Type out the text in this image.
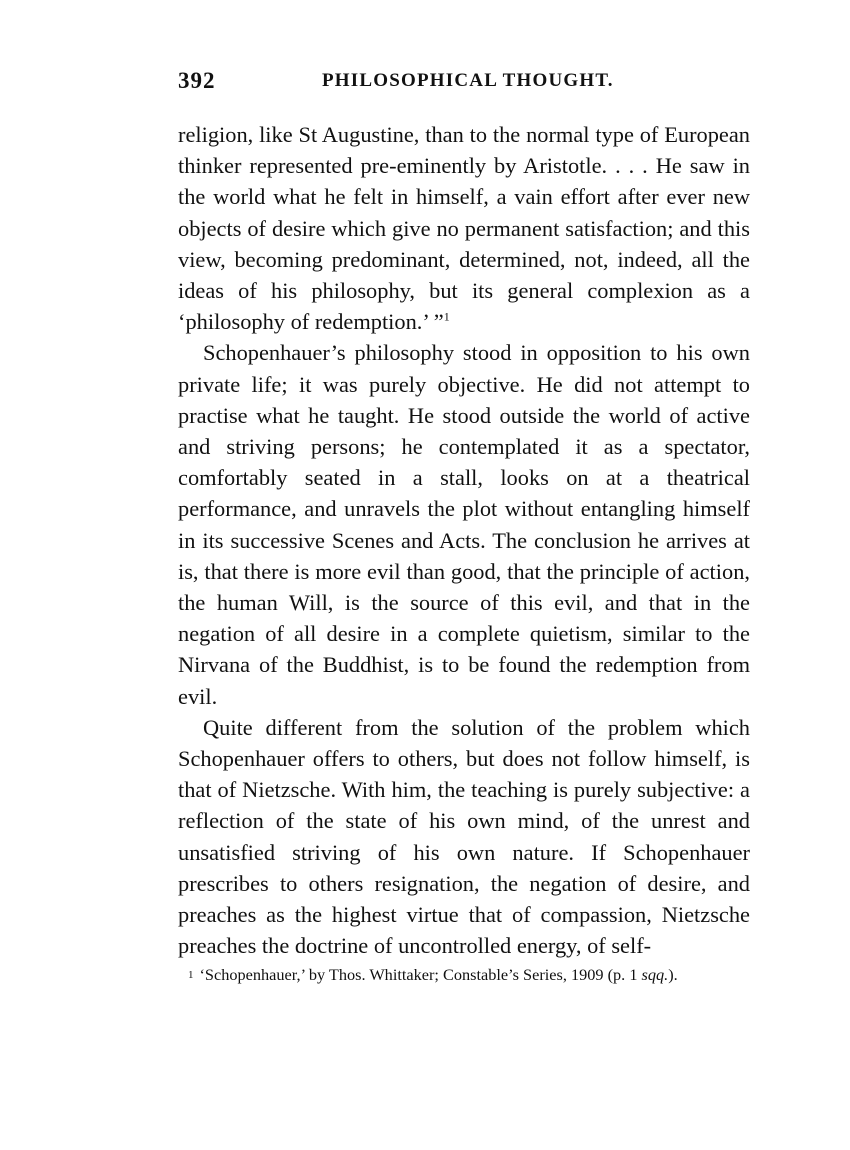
392	PHILOSOPHICAL THOUGHT.

religion, like St Augustine, than to the normal type of European thinker represented pre-eminently by Aristotle. . . . He saw in the world what he felt in himself, a vain effort after ever new objects of desire which give no permanent satisfaction; and this view, becoming predominant, determined, not, indeed, all the ideas of his philosophy, but its general complexion as a ‘philosophy of redemption.’ ”$^1$

Schopenhauer’s philosophy stood in opposition to his own private life; it was purely objective. He did not attempt to practise what he taught. He stood outside the world of active and striving persons; he contemplated it as a spectator, comfortably seated in a stall, looks on at a theatrical performance, and unravels the plot without entangling himself in its successive Scenes and Acts. The conclusion he arrives at is, that there is more evil than good, that the principle of action, the human Will, is the source of this evil, and that in the negation of all desire in a complete quietism, similar to the Nirvana of the Buddhist, is to be found the redemption from evil.

Quite different from the solution of the problem which Schopenhauer offers to others, but does not follow himself, is that of Nietzsche. With him, the teaching is purely subjective: a reflection of the state of his own mind, of the unrest and unsatisfied striving of his own nature. If Schopenhauer prescribes to others resignation, the negation of desire, and preaches as the highest virtue that of compassion, Nietzsche preaches the doctrine of uncontrolled energy, of self-

1 ‘Schopenhauer,’ by Thos. Whittaker; Constable’s Series, 1909 (p. 1 sqq.).
